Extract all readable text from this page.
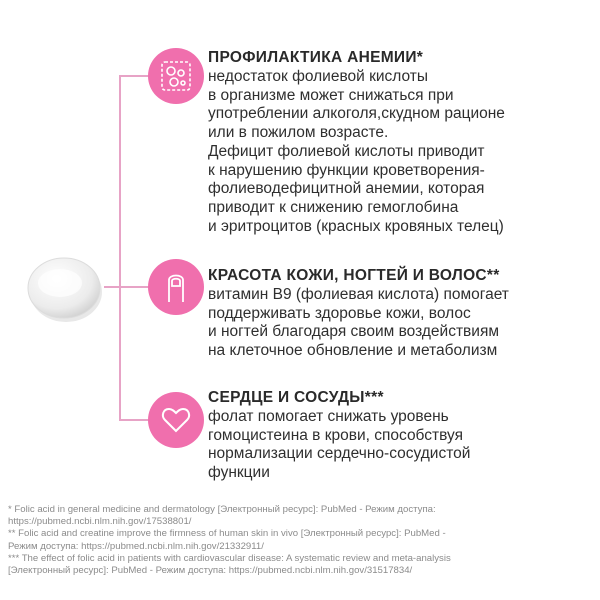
ПРОФИЛАКТИКА АНЕМИИ*
недостаток фолиевой кислоты
в организме может снижаться при
употреблении алкоголя,скудном рационе
или в пожилом возрасте.
Дефицит фолиевой кислоты приводит
к нарушению функции кроветворения-
фолиеводефицитной анемии, которая
приводит к снижению гемоглобина
и эритроцитов (красных кровяных телец)
КРАСОТА КОЖИ, НОГТЕЙ И ВОЛОС**
витамин B9 (фолиевая кислота) помогает
поддерживать здоровье кожи, волос
и ногтей благодаря своим воздействиям
на клеточное обновление и метаболизм
СЕРДЦЕ И СОСУДЫ***
фолат помогает снижать уровень
гомоцистеина в крови, способствуя
нормализации сердечно-сосудистой
функции
* Folic acid in general medicine and dermatology [Электронный ресурс]: PubMed - Режим доступа:
https://pubmed.ncbi.nlm.nih.gov/17538801/
** Folic acid and creatine improve the firmness of human skin in vivo [Электронный ресурс]: PubMed -
Режим доступа: https://pubmed.ncbi.nlm.nih.gov/21332911/
*** The effect of folic acid in patients with cardiovascular disease: A systematic review and meta-analysis
[Электронный ресурс]: PubMed - Режим доступа: https://pubmed.ncbi.nlm.nih.gov/31517834/
